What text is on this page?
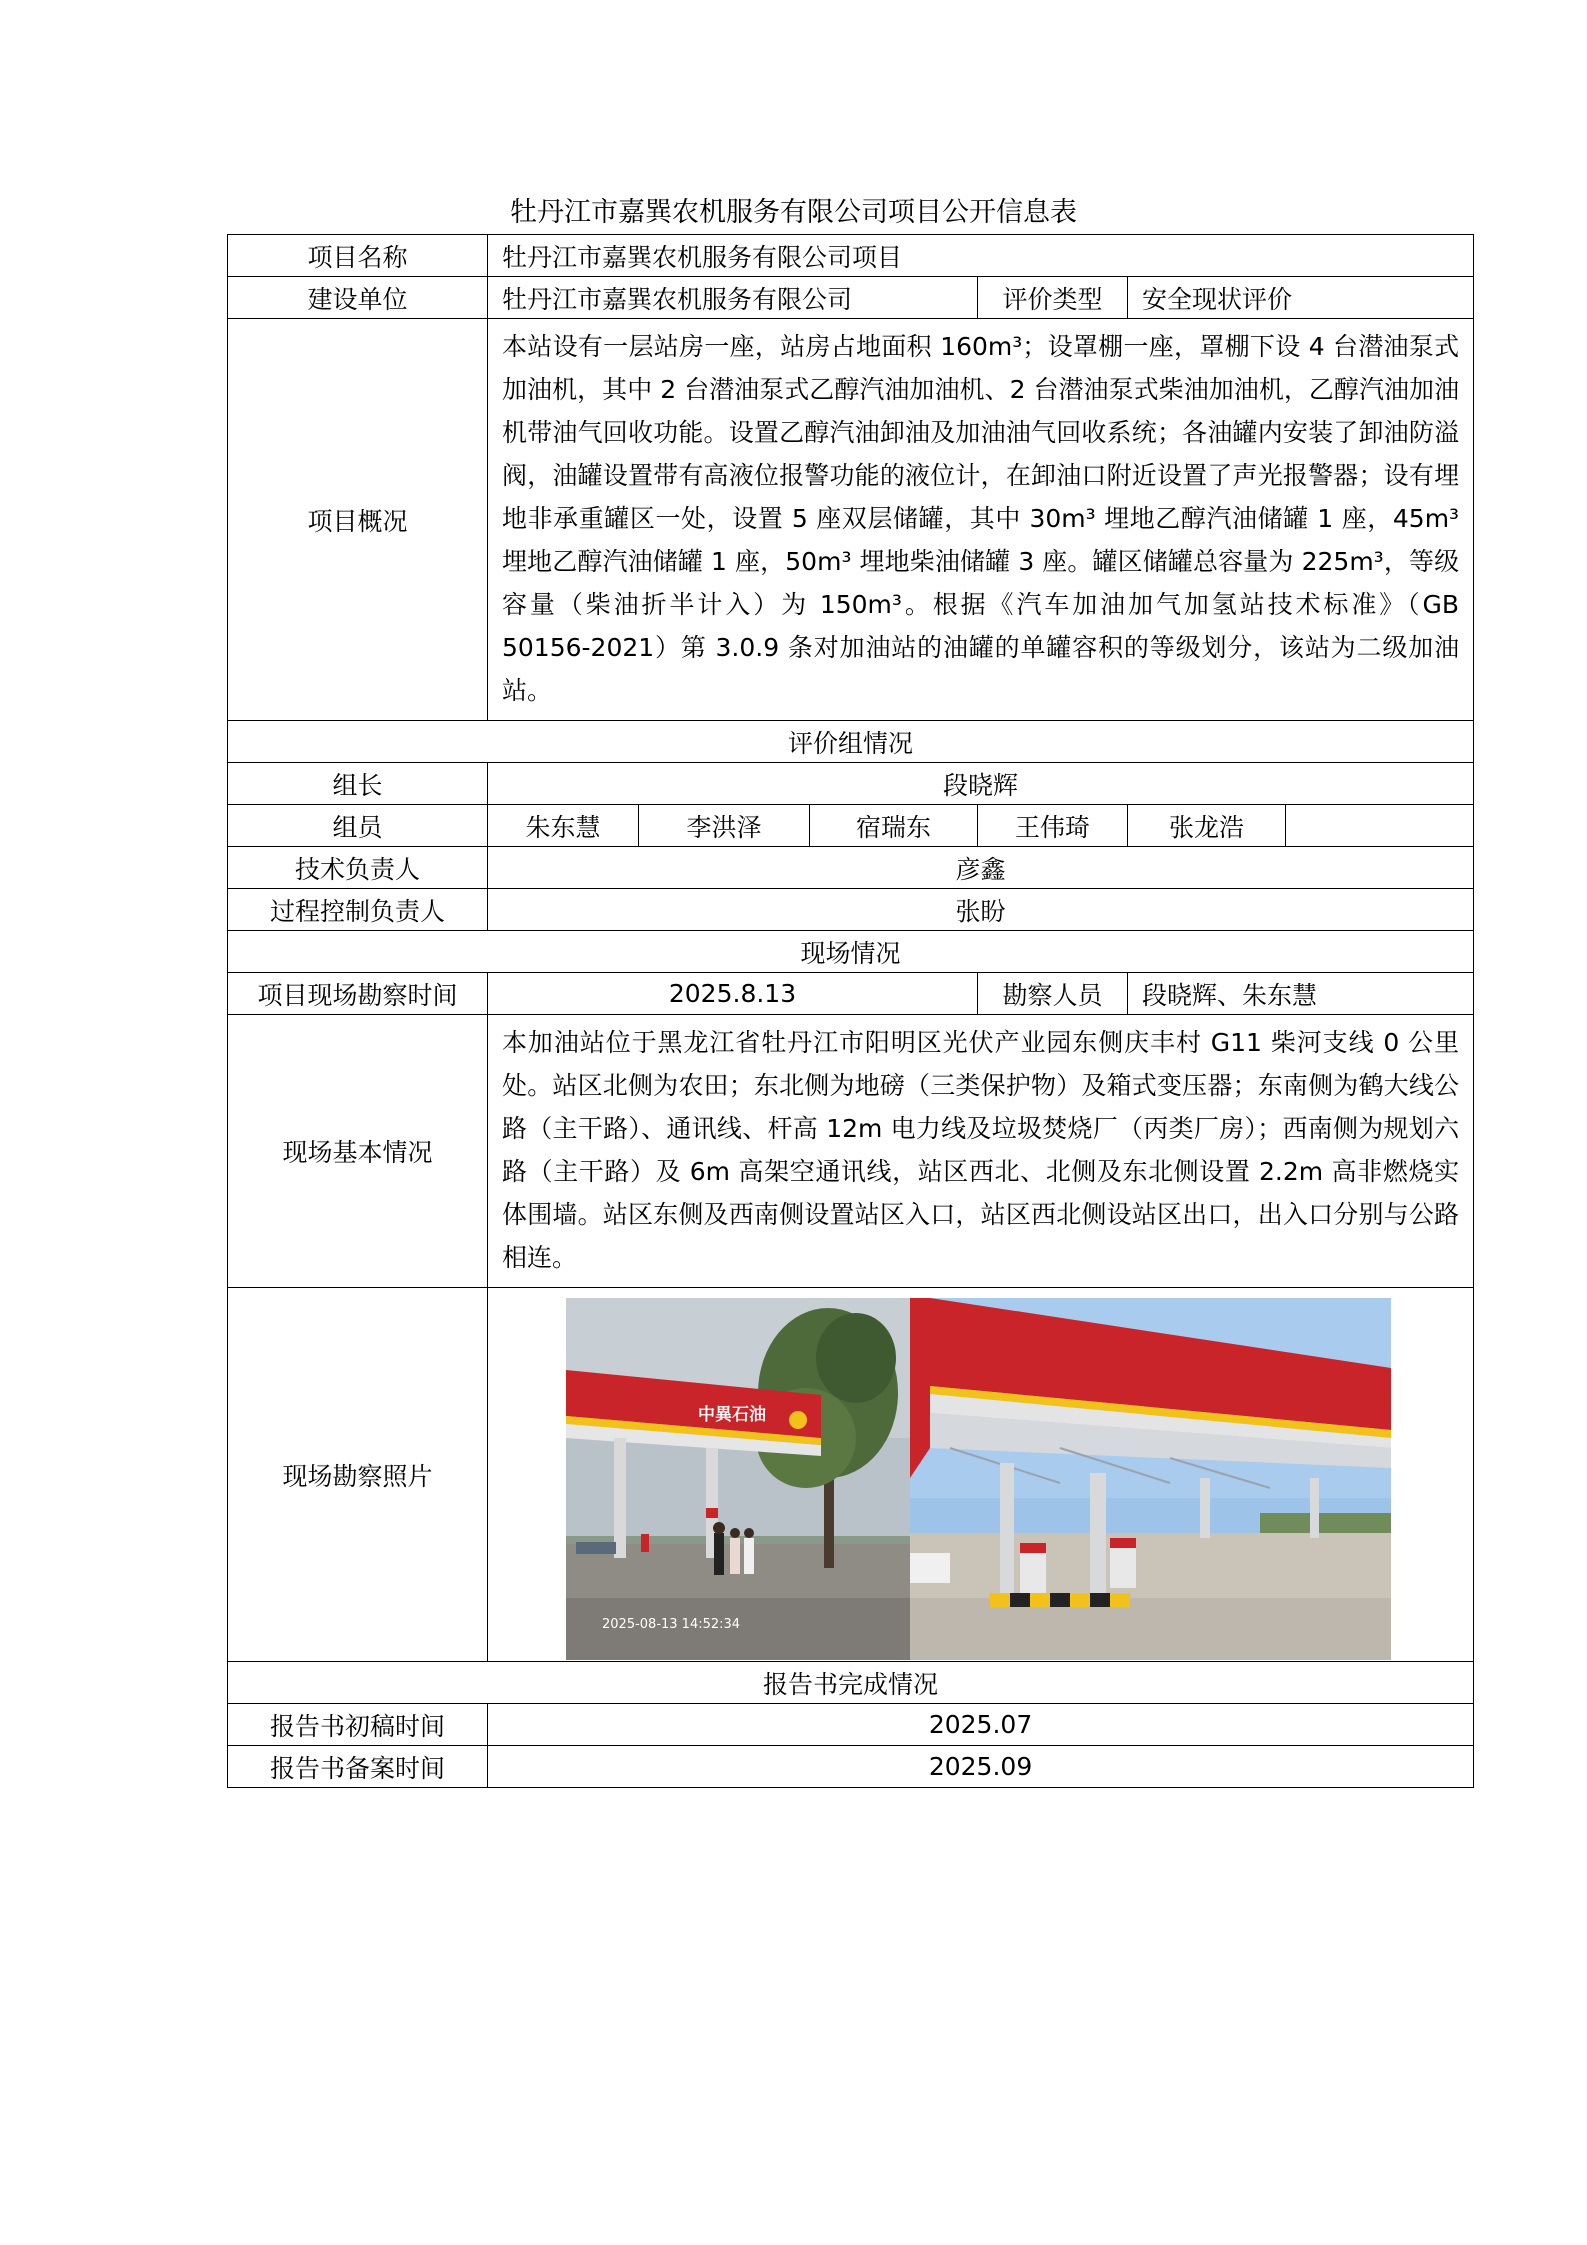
牡丹江市嘉巽农机服务有限公司项目公开信息表
项目名称	牡丹江市嘉巽农机服务有限公司项目					
建设单位	牡丹江市嘉巽农机服务有限公司			评价类型	安全现状评价	
项目概况	本站设有一层站房一座，站房占地面积 160m³；设罩棚一座，罩棚下设 4 台潜油泵式加油机，其中 2 台潜油泵式乙醇汽油加油机、2 台潜油泵式柴油加油机，乙醇汽油加油机带油气回收功能。设置乙醇汽油卸油及加油油气回收系统；各油罐内安装了卸油防溢阀，油罐设置带有高液位报警功能的液位计，在卸油口附近设置了声光报警器；设有埋地非承重罐区一处，设置 5 座双层储罐，其中 30m³ 埋地乙醇汽油储罐 1 座，45m³ 埋地乙醇汽油储罐 1 座，50m³ 埋地柴油储罐 3 座。罐区储罐总容量为 225m³，等级容量（柴油折半计入）为 150m³。根据《汽车加油加气加氢站技术标准》（GB 50156-2021）第 3.0.9 条对加油站的油罐的单罐容积的等级划分，该站为二级加油站。					
评价组情况						
组长	段晓辉					
组员	朱东慧	李洪泽	宿瑞东	王伟琦	张龙浩	
技术负责人	彦鑫					
过程控制负责人	张盼					
现场情况						
项目现场勘察时间	2025.8.13			勘察人员	段晓辉、朱东慧	
现场基本情况	本加油站位于黑龙江省牡丹江市阳明区光伏产业园东侧庆丰村 G11 柴河支线 0 公里处。站区北侧为农田；东北侧为地磅（三类保护物）及箱式变压器；东南侧为鹤大线公路（主干路）、通讯线、杆高 12m 电力线及垃圾焚烧厂（丙类厂房）；西南侧为规划六路（主干路）及 6m 高架空通讯线，站区西北、北侧及东北侧设置 2.2m 高非燃烧实体围墙。站区东侧及西南侧设置站区入口，站区西北侧设站区出口，出入口分别与公路相连。					
现场勘察照片	中異石油
2025-08-13 14:52:34					

报告书完成情况						
报告书初稿时间	2025.07					
报告书备案时间	2025.09					
